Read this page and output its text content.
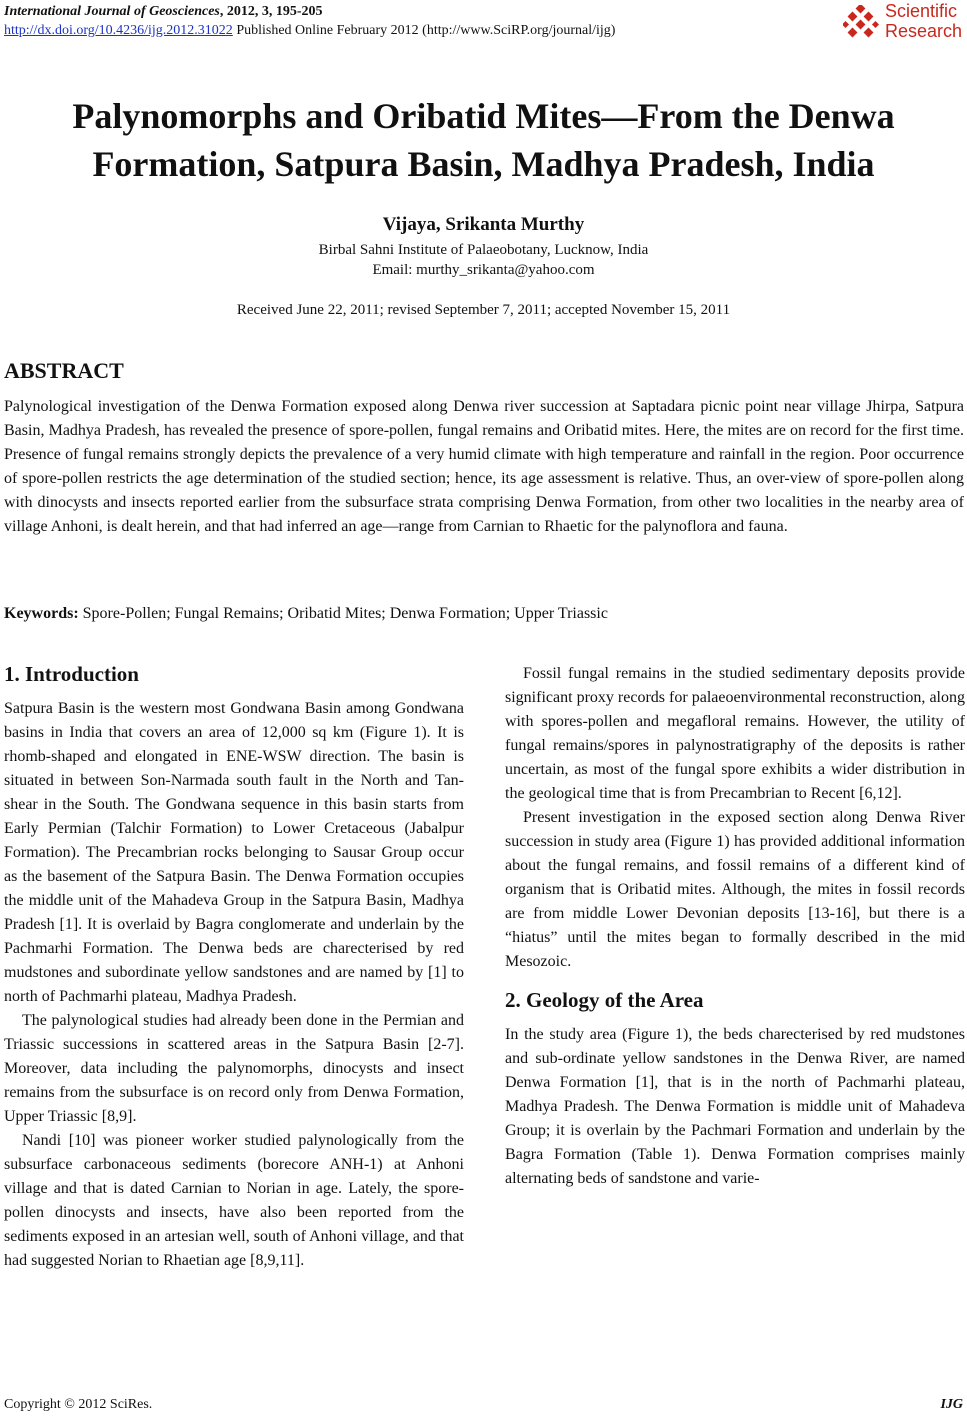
International Journal of Geosciences, 2012, 3, 195-205
http://dx.doi.org/10.4236/ijg.2012.31022 Published Online February 2012 (http://www.SciRP.org/journal/ijg)
Scientific
Research
Palynomorphs and Oribatid Mites—From the Denwa Formation, Satpura Basin, Madhya Pradesh, India
Vijaya, Srikanta Murthy
Birbal Sahni Institute of Palaeobotany, Lucknow, India
Email: murthy_srikanta@yahoo.com
Received June 22, 2011; revised September 7, 2011; accepted November 15, 2011
ABSTRACT

Palynological investigation of the Denwa Formation exposed along Denwa river succession at Saptadara picnic point near village Jhirpa, Satpura Basin, Madhya Pradesh, has revealed the presence of spore-pollen, fungal remains and Oribatid mites. Here, the mites are on record for the first time. Presence of fungal remains strongly depicts the prevalence of a very humid climate with high temperature and rainfall in the region. Poor occurrence of spore-pollen restricts the age determination of the studied section; hence, its age assessment is relative. Thus, an over-view of spore-pollen along with dinocysts and insects reported earlier from the subsurface strata comprising Denwa Formation, from other two localities in the nearby area of village Anhoni, is dealt herein, and that had inferred an age—range from Carnian to Rhaetic for the palynoflora and fauna.

Keywords: Spore-Pollen; Fungal Remains; Oribatid Mites; Denwa Formation; Upper Triassic
1. Introduction

Satpura Basin is the western most Gondwana Basin among Gondwana basins in India that covers an area of 12,000 sq km (Figure 1). It is rhomb-shaped and elongated in ENE-WSW direction. The basin is situated in between Son-Narmada south fault in the North and Tan-shear in the South. The Gondwana sequence in this basin starts from Early Permian (Talchir Formation) to Lower Cretaceous (Jabalpur Formation). The Precambrian rocks belonging to Sausar Group occur as the basement of the Satpura Basin. The Denwa Formation occupies the middle unit of the Mahadeva Group in the Satpura Basin, Madhya Pradesh [1]. It is overlaid by Bagra conglomerate and underlain by the Pachmarhi Formation. The Denwa beds are charecterised by red mudstones and subordinate yellow sandstones and are named by [1] to north of Pachmarhi plateau, Madhya Pradesh.

The palynological studies had already been done in the Permian and Triassic successions in scattered areas in the Satpura Basin [2-7]. Moreover, data including the palynomorphs, dinocysts and insect remains from the subsurface is on record only from Denwa Formation, Upper Triassic [8,9].

Nandi [10] was pioneer worker studied palynologically from the subsurface carbonaceous sediments (borecore ANH-1) at Anhoni village and that is dated Carnian to Norian in age. Lately, the spore-pollen dinocysts and insects, have also been reported from the sediments exposed in an artesian well, south of Anhoni village, and that had suggested Norian to Rhaetian age [8,9,11].

Fossil fungal remains in the studied sedimentary deposits provide significant proxy records for palaeoenvironmental reconstruction, along with spores-pollen and megafloral remains. However, the utility of fungal remains/spores in palynostratigraphy of the deposits is rather uncertain, as most of the fungal spore exhibits a wider distribution in the geological time that is from Precambrian to Recent [6,12].

Present investigation in the exposed section along Denwa River succession in study area (Figure 1) has provided additional information about the fungal remains, and fossil remains of a different kind of organism that is Oribatid mites. Although, the mites in fossil records are from middle Lower Devonian deposits [13-16], but there is a “hiatus” until the mites began to formally described in the mid Mesozoic.

2. Geology of the Area

In the study area (Figure 1), the beds charecterised by red mudstones and sub-ordinate yellow sandstones in the Denwa River, are named Denwa Formation [1], that is in the north of Pachmarhi plateau, Madhya Pradesh. The Denwa Formation is middle unit of Mahadeva Group; it is overlain by the Pachmari Formation and underlain by the Bagra Formation (Table 1). Denwa Formation comprises mainly alternating beds of sandstone and varie-

Copyright © 2012 SciRes.	IJG
